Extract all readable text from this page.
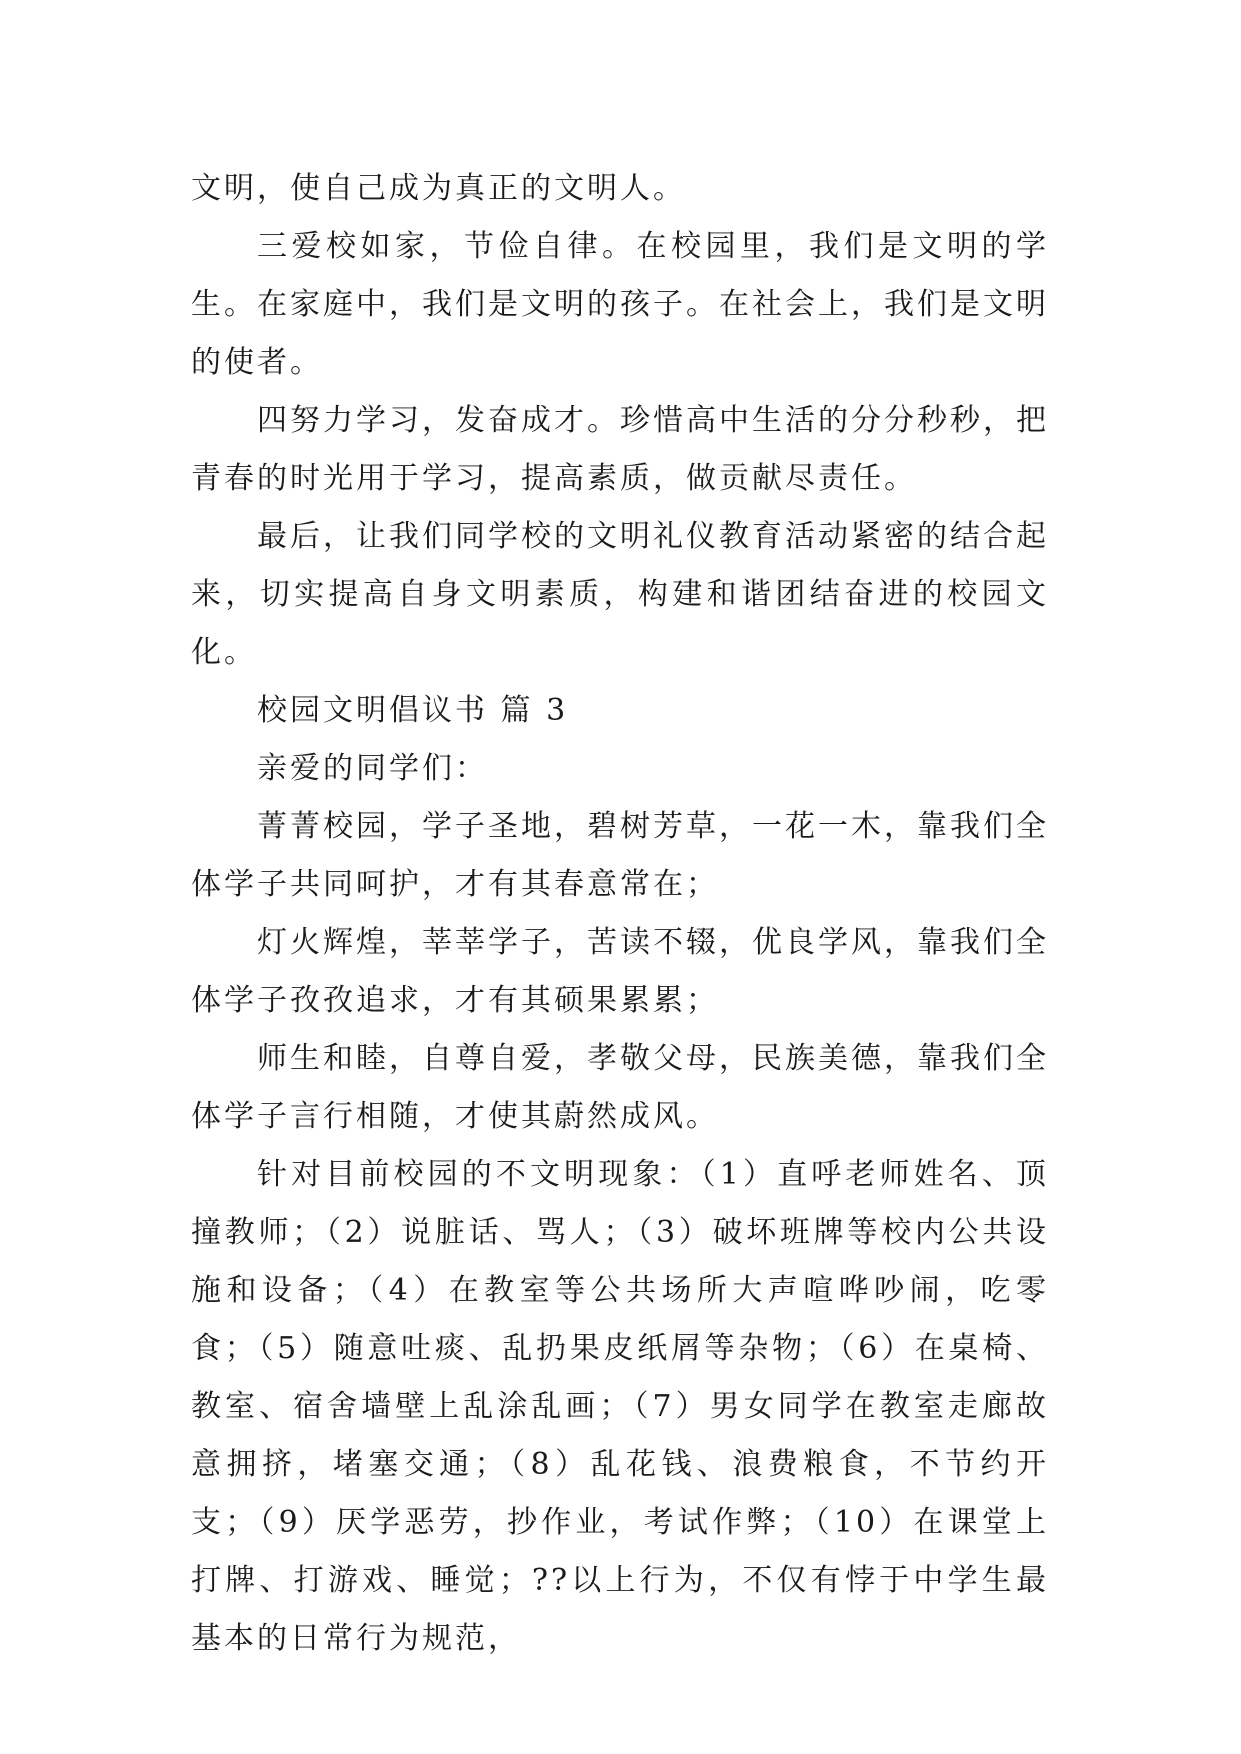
文明，使自己成为真正的文明人。

三爱校如家，节俭自律。在校园里，我们是文明的学生。在家庭中，我们是文明的孩子。在社会上，我们是文明的使者。

四努力学习，发奋成才。珍惜高中生活的分分秒秒，把青春的时光用于学习，提高素质，做贡献尽责任。

最后，让我们同学校的文明礼仪教育活动紧密的结合起来，切实提高自身文明素质，构建和谐团结奋进的校园文化。

校园文明倡议书 篇 3

亲爱的同学们：

菁菁校园，学子圣地，碧树芳草，一花一木，靠我们全体学子共同呵护，才有其春意常在；

灯火辉煌，莘莘学子，苦读不辍，优良学风，靠我们全体学子孜孜追求，才有其硕果累累；

师生和睦，自尊自爱，孝敬父母，民族美德，靠我们全体学子言行相随，才使其蔚然成风。

针对目前校园的不文明现象：（1）直呼老师姓名、顶撞教师；（2）说脏话、骂人；（3）破坏班牌等校内公共设施和设备；（4）在教室等公共场所大声喧哗吵闹，吃零食；（5）随意吐痰、乱扔果皮纸屑等杂物；（6）在桌椅、教室、宿舍墙壁上乱涂乱画；（7）男女同学在教室走廊故意拥挤，堵塞交通；（8）乱花钱、浪费粮食，不节约开支；（9）厌学恶劳，抄作业，考试作弊；（10）在课堂上打牌、打游戏、睡觉；??以上行为，不仅有悖于中学生最基本的日常行为规范，
